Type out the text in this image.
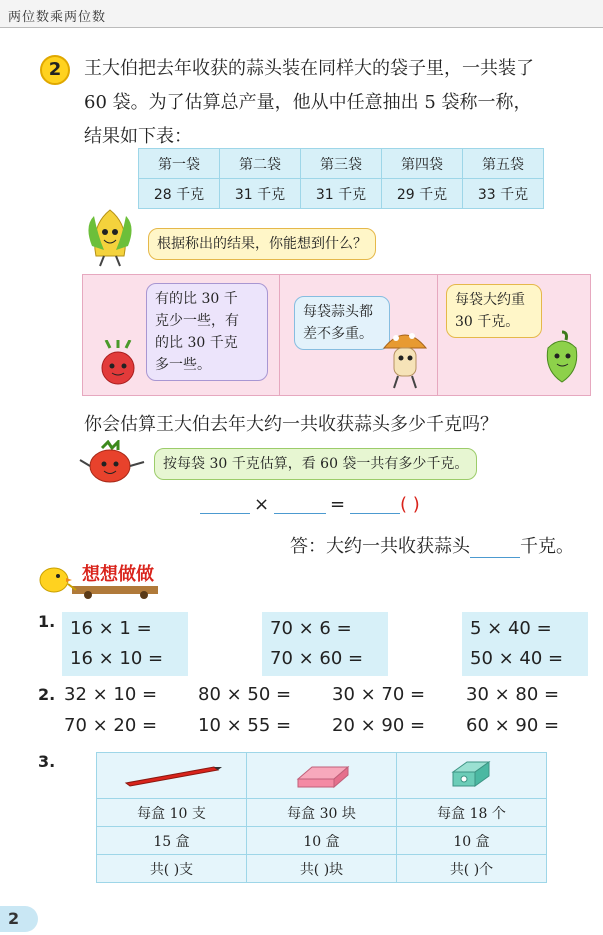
两位数乘两位数
2	王大伯把去年收获的蒜头装在同样大的袋子里，一共装了
60 袋。为了估算总产量，他从中任意抽出 5 袋称一称，
结果如下表：
第一袋	第二袋	第三袋	第四袋	第五袋
28 千克	31 千克	31 千克	29 千克	33 千克
根据称出的结果，你能想到什么？
有的比 30 千
克少一些，有
的比 30 千克
多一些。
每袋蒜头都
差不多重。
每袋大约重
30 千克。
你会估算王大伯去年大约一共收获蒜头多少千克吗？
按每袋 30 千克估算，看 60 袋一共有多少千克。
×	=	( )
答：大约一共收获蒜头	千克。
想想做做
1. 16 × 1 =
16 × 10 =
70 × 6 =
70 × 60 =
5 × 40 =
50 × 40 =
2. 32 × 10 = 80 × 50 = 30 × 70 = 30 × 80 =
70 × 20 = 10 × 55 = 20 × 90 = 60 × 90 =
3.

每盒 10 支	每盒 30 块	每盒 18 个
15 盒	10 盒	10 盒
共( )支	共( )块	共( )个
2
